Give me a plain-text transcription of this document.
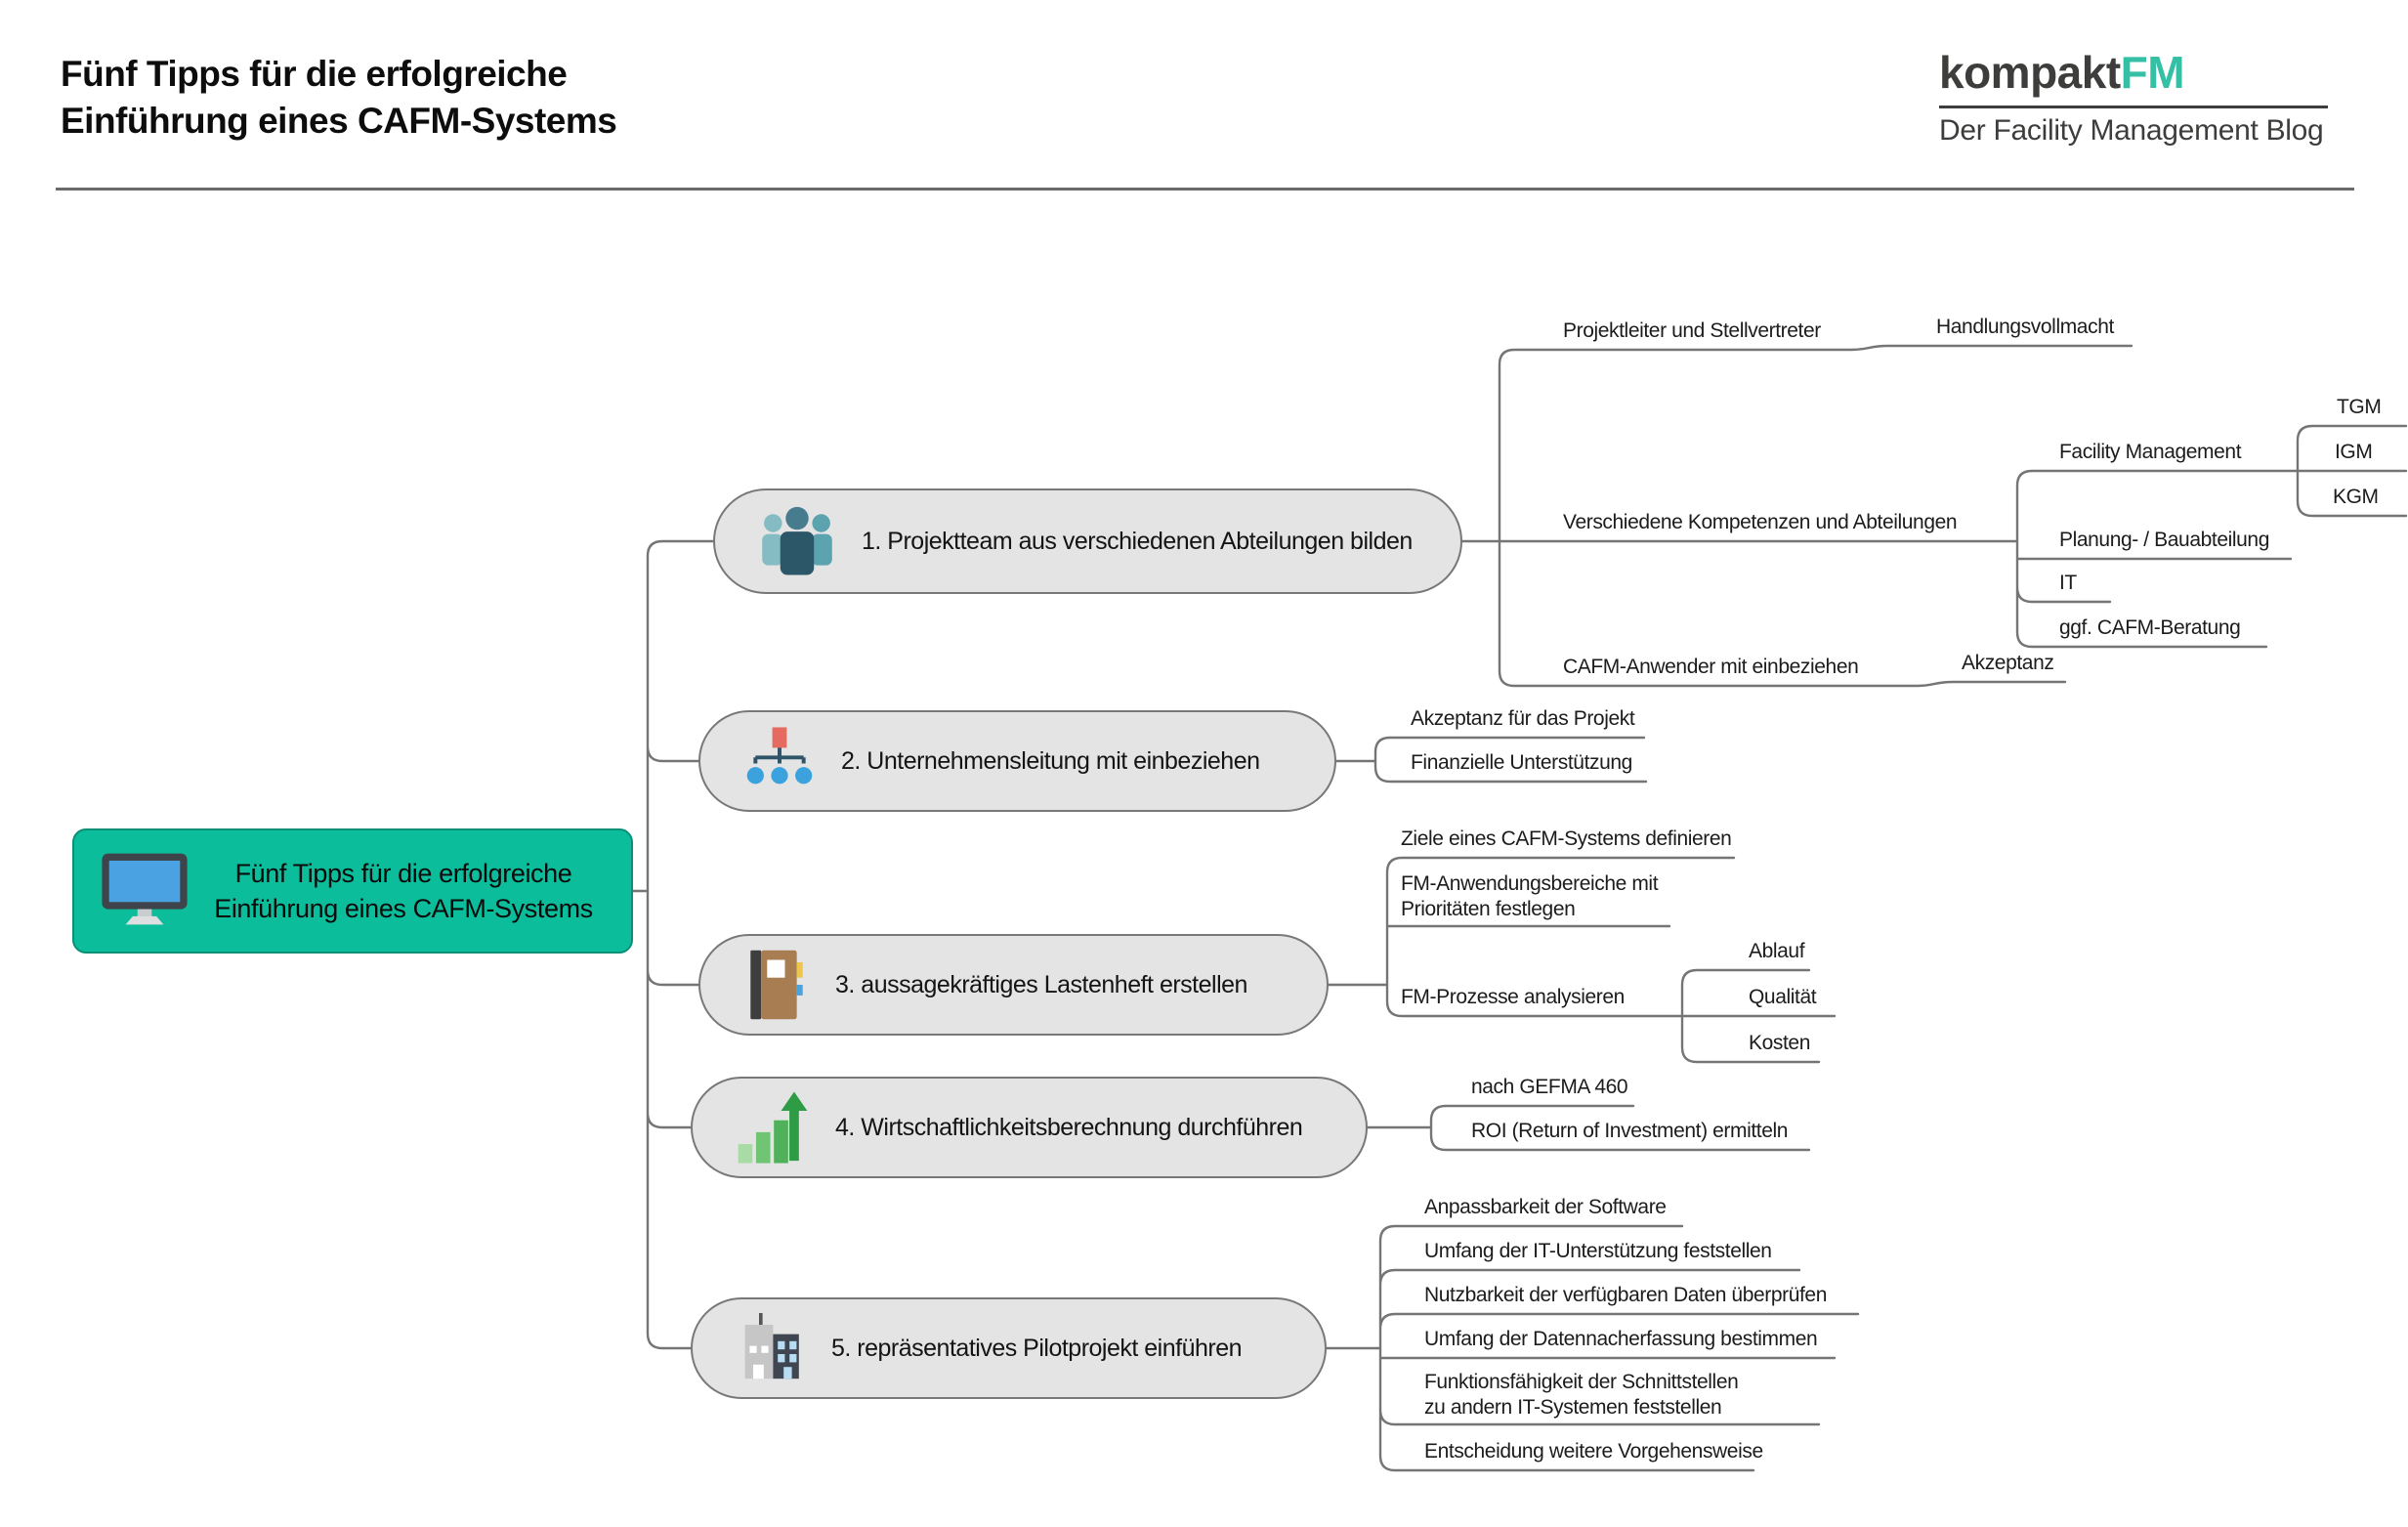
Fünf Tipps für die erfolgreiche
Einführung eines CAFM-Systems
kompaktFM
Der Facility Management Blog
Fünf Tipps für die erfolgreiche
Einführung eines CAFM-Systems
1. Projektteam aus verschiedenen Abteilungen bilden
2. Unternehmensleitung mit einbeziehen
3. aussagekräftiges Lastenheft erstellen
4. Wirtschaftlichkeitsberechnung durchführen
5. repräsentatives Pilotprojekt einführen
Projektleiter und Stellvertreter	Handlungsvollmacht
Verschiedene Kompetenzen und Abteilungen
Facility Management
TGM
IGM
KGM
Planung- / Bauabteilung
IT
ggf. CAFM-Beratung
CAFM-Anwender mit einbeziehen	Akzeptanz
Akzeptanz für das Projekt
Finanzielle Unterstützung
Ziele eines CAFM-Systems definieren
FM-Anwendungsbereiche mit
Prioritäten festlegen
FM-Prozesse analysieren
Ablauf
Qualität
Kosten
nach GEFMA 460
ROI (Return of Investment) ermitteln
Anpassbarkeit der Software
Umfang der IT-Unterstützung feststellen
Nutzbarkeit der verfügbaren Daten überprüfen
Umfang der Datennacherfassung bestimmen
Funktionsfähigkeit der Schnittstellen
zu andern IT-Systemen feststellen
Entscheidung weitere Vorgehensweise
